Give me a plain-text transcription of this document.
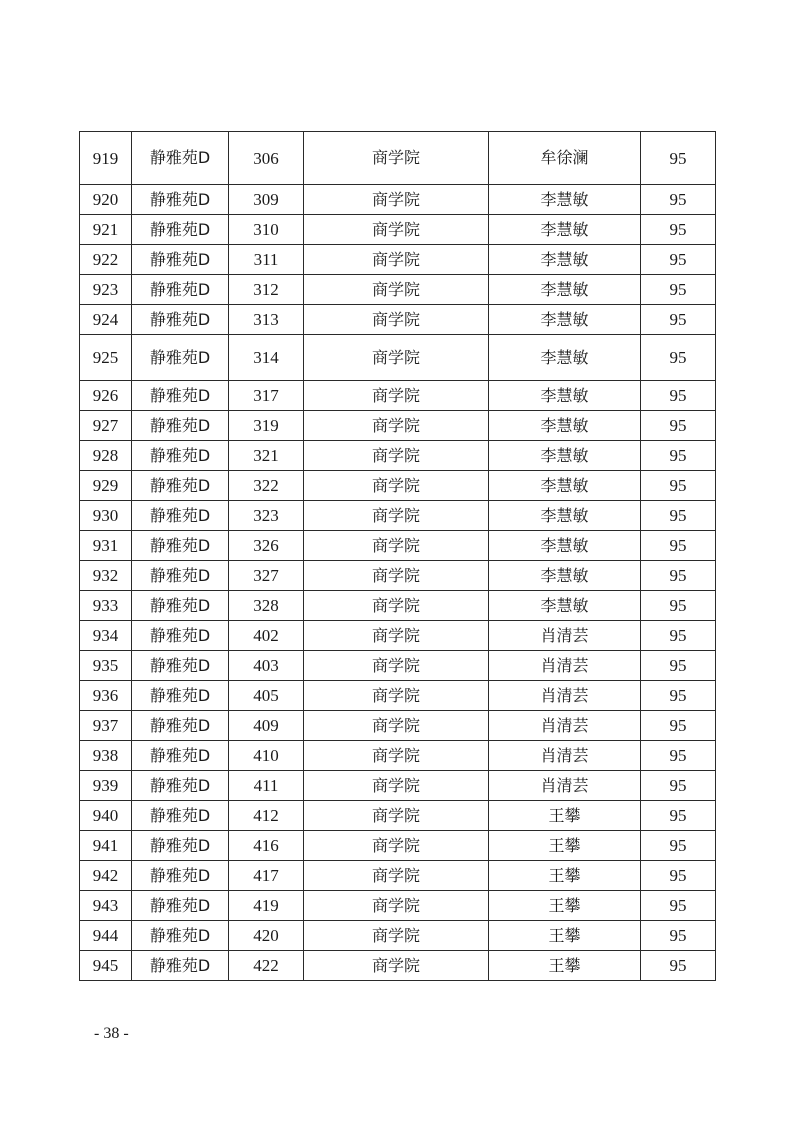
919	静雅苑D	306	商学院	牟徐澜	95
920	静雅苑D	309	商学院	李慧敏	95
921	静雅苑D	310	商学院	李慧敏	95
922	静雅苑D	311	商学院	李慧敏	95
923	静雅苑D	312	商学院	李慧敏	95
924	静雅苑D	313	商学院	李慧敏	95
925	静雅苑D	314	商学院	李慧敏	95
926	静雅苑D	317	商学院	李慧敏	95
927	静雅苑D	319	商学院	李慧敏	95
928	静雅苑D	321	商学院	李慧敏	95
929	静雅苑D	322	商学院	李慧敏	95
930	静雅苑D	323	商学院	李慧敏	95
931	静雅苑D	326	商学院	李慧敏	95
932	静雅苑D	327	商学院	李慧敏	95
933	静雅苑D	328	商学院	李慧敏	95
934	静雅苑D	402	商学院	肖清芸	95
935	静雅苑D	403	商学院	肖清芸	95
936	静雅苑D	405	商学院	肖清芸	95
937	静雅苑D	409	商学院	肖清芸	95
938	静雅苑D	410	商学院	肖清芸	95
939	静雅苑D	411	商学院	肖清芸	95
940	静雅苑D	412	商学院	王攀	95
941	静雅苑D	416	商学院	王攀	95
942	静雅苑D	417	商学院	王攀	95
943	静雅苑D	419	商学院	王攀	95
944	静雅苑D	420	商学院	王攀	95
945	静雅苑D	422	商学院	王攀	95
- 38 -
